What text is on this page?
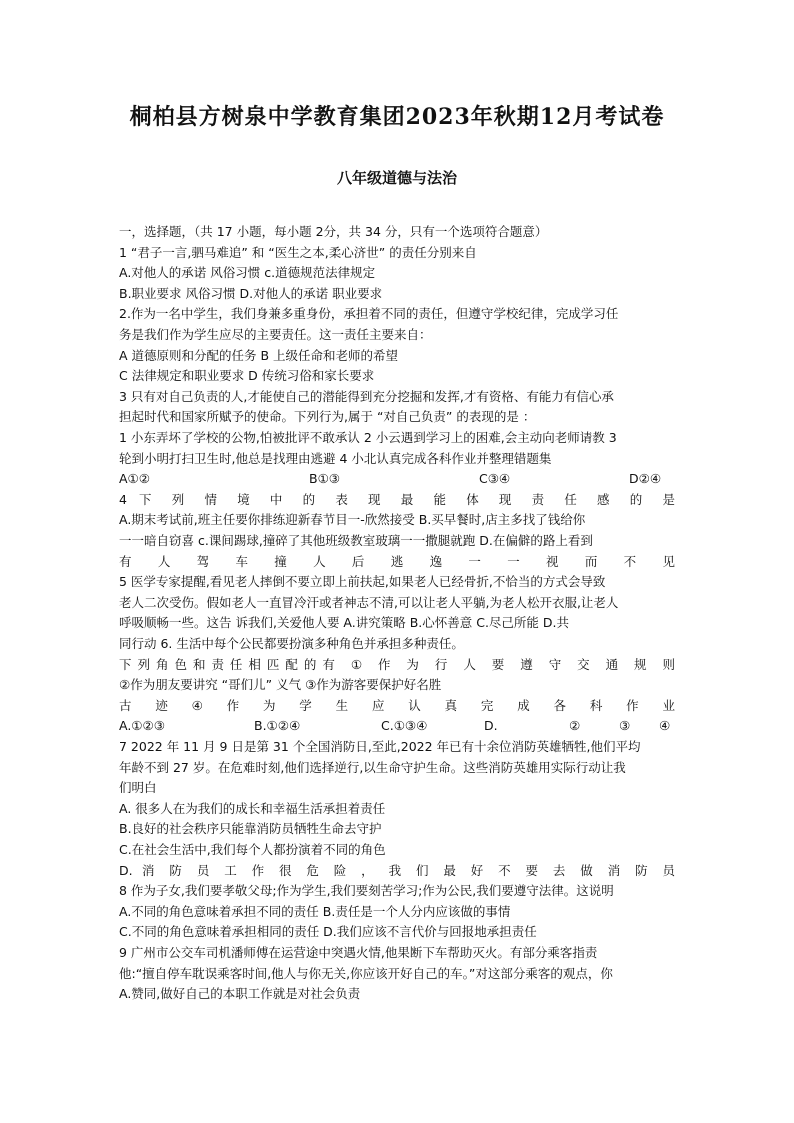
桐柏县方树泉中学教育集团2023年秋期12月考试卷
八年级道德与法治
一，选择题，（共 17 小题，每小题 2分，共 34 分，只有一个选项符合题意）
1 “君子一言,驷马难追” 和 “医生之本,柔心济世” 的责任分别来自
A.对他人的承诺 风俗习惯 c.道德规范法律规定
B.职业要求 风俗习惯 D.对他人的承诺 职业要求
2.作为一名中学生，我们身兼多重身份，承担着不同的责任，但遵守学校纪律，完成学习任
务是我们作为学生应尽的主要责任。这一责任主要来自：
A 道德原则和分配的任务 B 上级任命和老师的希望
C 法律规定和职业要求 D 传统习俗和家长要求
3 只有对自己负责的人,才能使自己的潜能得到充分挖掘和发挥,才有资格、有能力有信心承
担起时代和国家所赋予的使命。下列行为,属于 “对自己负责” 的表现的是 ：
1 小东弄坏了学校的公物,怕被批评不敢承认 2 小云遇到学习上的困难,会主动向老师请教 3
轮到小明打扫卫生时,他总是找理由逃避 4 小北认真完成各科作业并整理错题集
A①②	B①③	C③④	D②④
4 下 列 情 境 中 的 表 现 最 能 体 现 责 任 感 的 是
A.期末考试前,班主任要你排练迎新春节目一-欣然接受 B.买早餐时,店主多找了钱给你
一一暗自窃喜 c.课间踢球,撞碎了其他班级教室玻璃一一撒腿就跑 D.在偏僻的路上看到
有 人 驾 车 撞 人 后 逃 逸 一 一 视 而 不 见
5 医学专家提醒,看见老人摔倒不要立即上前扶起,如果老人已经骨折,不恰当的方式会导致
老人二次受伤。假如老人一直冒冷汗或者神志不清,可以让老人平躺,为老人松开衣服,让老人
呼吸顺畅一些。这告 诉我们,关爱他人要 A.讲究策略 B.心怀善意 C.尽己所能 D.共
同行动 6. 生活中每个公民都要扮演多种角色并承担多种责任。
下列角色和责任相匹配的有 ① 作 为 行 人 要 遵 守 交 通 规 则
②作为朋友要讲究 “哥们儿” 义气 ③作为游客要保护好名胜
古 迹 ④ 作 为 学 生 应 认 真 完 成 各 科 作 业
A.①②③	B.①②④	C.①③④	D.	②	③ ④
7 2022 年 11 月 9 日是第 31 个全国消防日,至此,2022 年已有十余位消防英雄牺牲,他们平均
年龄不到 27 岁。在危难时刻,他们选择逆行,以生命守护生命。这些消防英雄用实际行动让我
们明白
A. 很多人在为我们的成长和幸福生活承担着责任
B.良好的社会秩序只能靠消防员牺牲生命去守护
C.在社会生活中,我们每个人都扮演着不同的角色
D. 消 防 员 工 作 很 危 险 ， 我 们 最 好 不 要 去 做 消 防 员
8 作为子女,我们要孝敬父母;作为学生,我们要刻苦学习;作为公民,我们要遵守法律。这说明
A.不同的角色意味着承担不同的责任 B.责任是一个人分内应该做的事情
C.不同的角色意味着承担相同的责任 D.我们应该不言代价与回报地承担责任
9 广州市公交车司机潘师傅在运营途中突遇火情,他果断下车帮助灭火。有部分乘客指责
他:“擅自停车耽误乘客时间,他人与你无关,你应该开好自己的车。”对这部分乘客的观点，你
A.赞同,做好自己的本职工作就是对社会负责
